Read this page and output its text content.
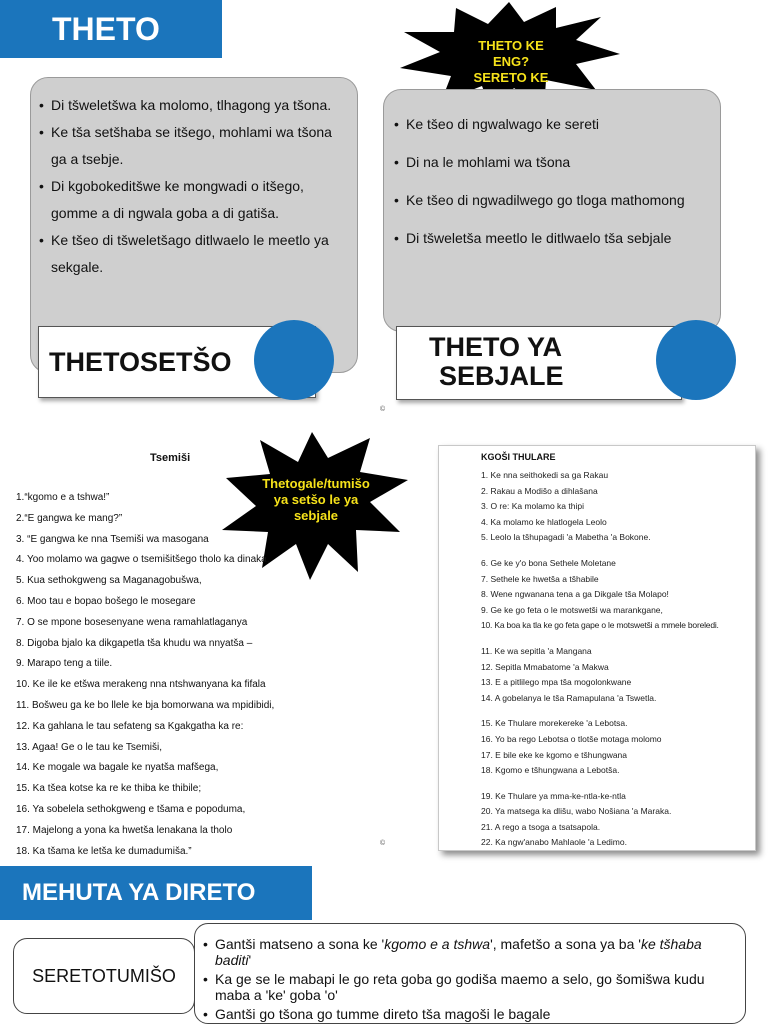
THETO	THETO KE ENG?
SERETO KE
• Di tšweletšwa ka molomo, tlhagong ya tšona.
• Ke tša setšhaba se itšego, mohlami wa tšona ga a tsebje.
• Di kgobokeditšwe ke mongwadi o itšego, gomme a di ngwala goba a di gatiša.
• Ke tšeo di tšweletšago ditlwaelo le meetlo ya sekgale.
THETOSETŠO
• Ke tšeo di ngwalwago ke sereti
• Di na le mohlami wa tšona
• Ke tšeo di ngwadilwego go tloga mathomong
• Di tšweletša meetlo le ditlwaelo tša sebjale
THETO YA
SEBJALE
©
Thetogale/tumišo
ya setšo le ya
sebjale
Tsemiši
1.“kgomo e a tshwa!”
2.“E gangwa ke mang?”
3. “E gangwa ke nna Tsemiši wa masogana
4. Yoo molamo wa gagwe o tsemišitšego tholo ka dinaka,
5. Kua sethokgweng sa Maganagobušwa,
6. Moo tau e bopao bošego le mosegare
7. O se mpone bosesenyane wena ramahlatlaganya
8. Digoba bjalo ka dikgapetla tša khudu wa nnyatša –
9. Marapo teng a tiile.
10. Ke ile ke etšwa merakeng nna ntshwanyana ka fifala
11. Bošweu ga ke bo llele ke bja bomorwana wa mpidibidi,
12. Ka gahlana le tau sefateng sa Kgakgatha ka re:
13. Agaa! Ge o le tau ke Tsemiši,
14. Ke mogale wa bagale ke nyatša mafšega,
15. Ka tšea kotse ka re ke thiba ke thibile;
16. Ya sobelela sethokgweng e tšama e popoduma,
17. Majelong a yona ka hwetša lenakana la tholo
18. Ka tšama ke letša ke dumadumiša.”
KGOŠI THULARE
1. Ke nna seithokedi sa ga Rakau
2. Rakau a Modišo a dihlašana
3. O re: Ka molamo ka thipi
4. Ka molamo ke hlatlogela Leolo
5. Leolo la tšhupagadi 'a Mabetha 'a Bokone.
6. Ge ke y'o bona Sethele Moletane
7. Sethele ke hwetša a tšhabile
8. Wene ngwanana tena a ga Dikgale tša Molapo!
9. Ge ke go feta o le motswetši wa marankgane,
10. Ka boa ka tla ke go feta gape o le motswetši a mmele boreledi.
11. Ke wa sepitla 'a Mangana
12. Sepitla Mmabatome 'a Makwa
13. E a pitlilego mpa tša mogolonkwane
14. A gobelanya le tša Ramapulana 'a Tswetla.
15. Ke Thulare morekereke 'a Lebotsa.
16. Yo ba rego Lebotsa o tlotše motaga molomo
17. E bile eke ke kgomo e tšhungwana
18. Kgomo e tšhungwana a Lebotša.
19. Ke Thulare ya mma-ke-ntla-ke-ntla
20. Ya matsega ka dlišu, wabo Nošiana 'a Maraka.
21. A rego a tsoga a tsatsapola.
22. Ka ngw'anabo Mahlaole 'a Ledimo.
©
MEHUTA YA DIRETO
SERETOTUMIŠO
• Gantši matseno a sona ke 'kgomo e a tshwa', mafetšo a sona ya ba 'ke tšhaba baditi'
• Ka ge se le mabapi le go reta goba go godiša maemo a selo, go šomišwa kudu maba a 'ke' goba 'o'
• Gantši go tšona go tumme direto tša magoši le bagale
